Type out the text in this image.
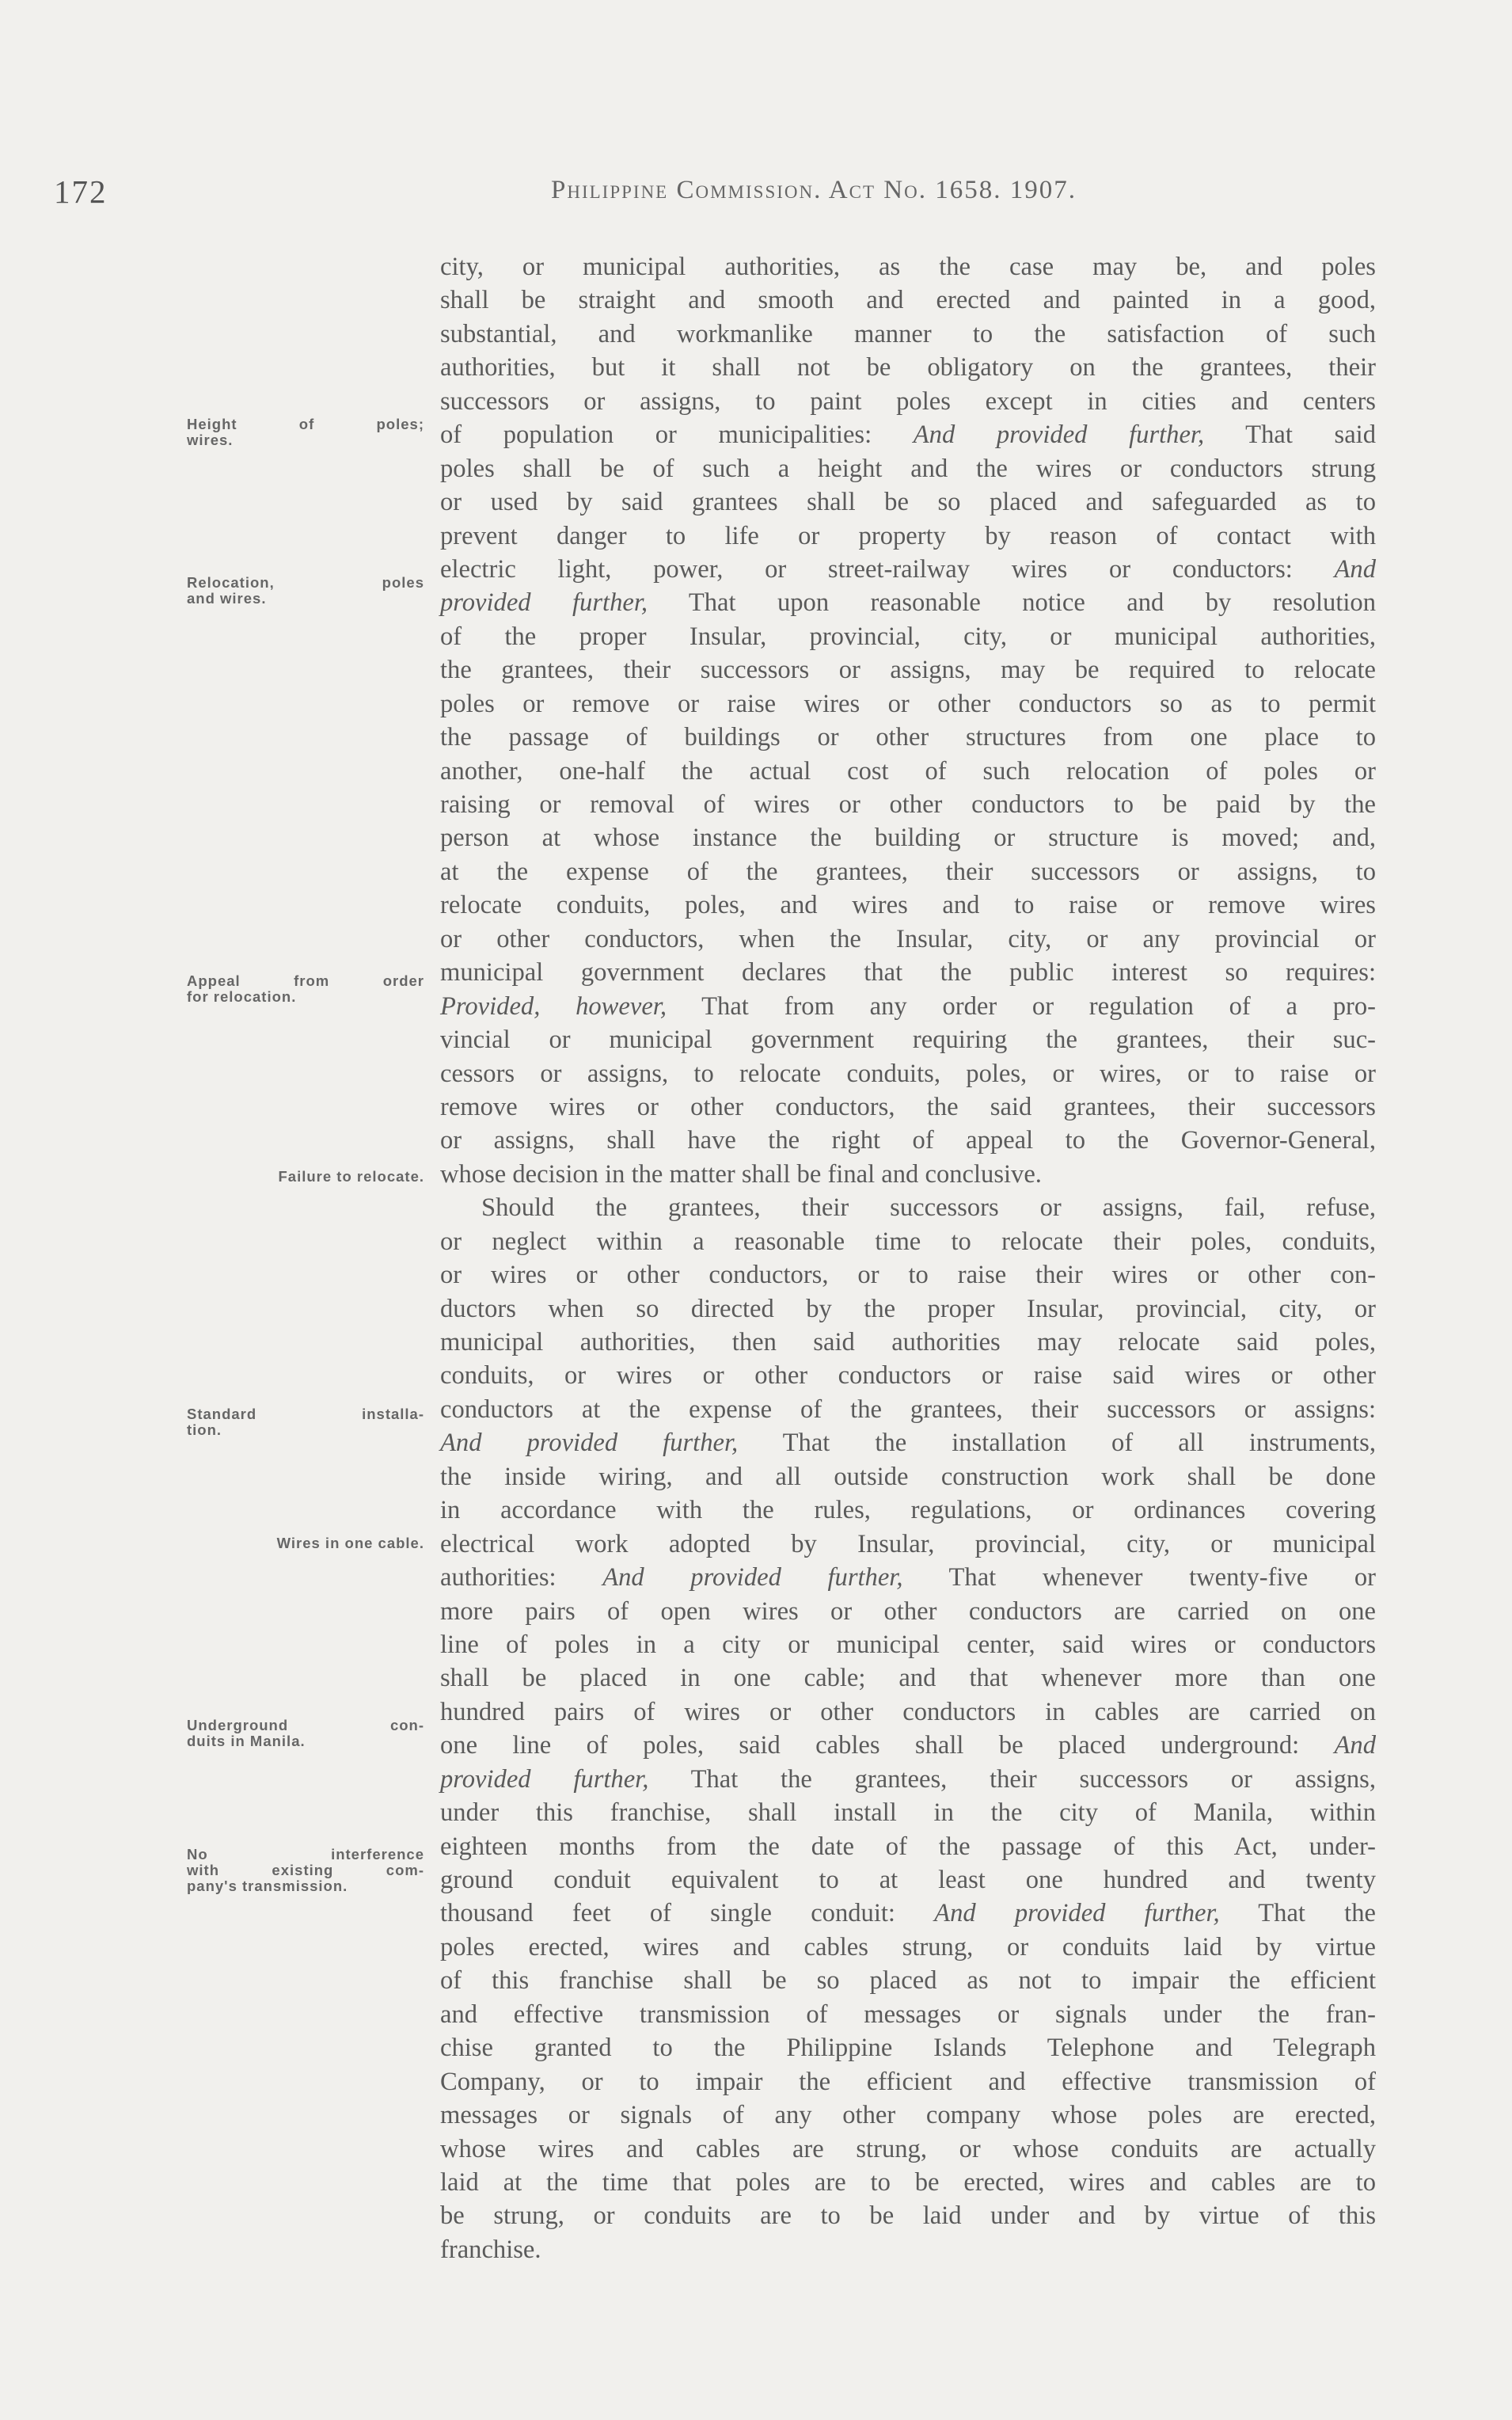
172	Philippine Commission. Act No. 1658. 1907.
Height of poles;
wires.
Relocation, poles
and wires.
Appeal from order
for relocation.
Failure to relocate.
Standard installa-
tion.
Wires in one cable.
Underground con-
duits in Manila.
No interference
with existing com-
pany's transmission.
city, or municipal authorities, as the case may be, and poles
shall be straight and smooth and erected and painted in a good,
substantial, and workmanlike manner to the satisfaction of such
authorities, but it shall not be obligatory on the grantees, their
successors or assigns, to paint poles except in cities and centers
of population or municipalities: And provided further, That said
poles shall be of such a height and the wires or conductors strung
or used by said grantees shall be so placed and safeguarded as to
prevent danger to life or property by reason of contact with
electric light, power, or street-railway wires or conductors: And
provided further, That upon reasonable notice and by resolution
of the proper Insular, provincial, city, or municipal authorities,
the grantees, their successors or assigns, may be required to relocate
poles or remove or raise wires or other conductors so as to permit
the passage of buildings or other structures from one place to
another, one-half the actual cost of such relocation of poles or
raising or removal of wires or other conductors to be paid by the
person at whose instance the building or structure is moved; and,
at the expense of the grantees, their successors or assigns, to
relocate conduits, poles, and wires and to raise or remove wires
or other conductors, when the Insular, city, or any provincial or
municipal government declares that the public interest so requires:
Provided, however, That from any order or regulation of a pro-
vincial or municipal government requiring the grantees, their suc-
cessors or assigns, to relocate conduits, poles, or wires, or to raise or
remove wires or other conductors, the said grantees, their successors
or assigns, shall have the right of appeal to the Governor-General,
whose decision in the matter shall be final and conclusive.
Should the grantees, their successors or assigns, fail, refuse,
or neglect within a reasonable time to relocate their poles, conduits,
or wires or other conductors, or to raise their wires or other con-
ductors when so directed by the proper Insular, provincial, city, or
municipal authorities, then said authorities may relocate said poles,
conduits, or wires or other conductors or raise said wires or other
conductors at the expense of the grantees, their successors or assigns:
And provided further, That the installation of all instruments,
the inside wiring, and all outside construction work shall be done
in accordance with the rules, regulations, or ordinances covering
electrical work adopted by Insular, provincial, city, or municipal
authorities: And provided further, That whenever twenty-five or
more pairs of open wires or other conductors are carried on one
line of poles in a city or municipal center, said wires or conductors
shall be placed in one cable; and that whenever more than one
hundred pairs of wires or other conductors in cables are carried on
one line of poles, said cables shall be placed underground: And
provided further, That the grantees, their successors or assigns,
under this franchise, shall install in the city of Manila, within
eighteen months from the date of the passage of this Act, under-
ground conduit equivalent to at least one hundred and twenty
thousand feet of single conduit: And provided further, That the
poles erected, wires and cables strung, or conduits laid by virtue
of this franchise shall be so placed as not to impair the efficient
and effective transmission of messages or signals under the fran-
chise granted to the Philippine Islands Telephone and Telegraph
Company, or to impair the efficient and effective transmission of
messages or signals of any other company whose poles are erected,
whose wires and cables are strung, or whose conduits are actually
laid at the time that poles are to be erected, wires and cables are to
be strung, or conduits are to be laid under and by virtue of this
franchise.
